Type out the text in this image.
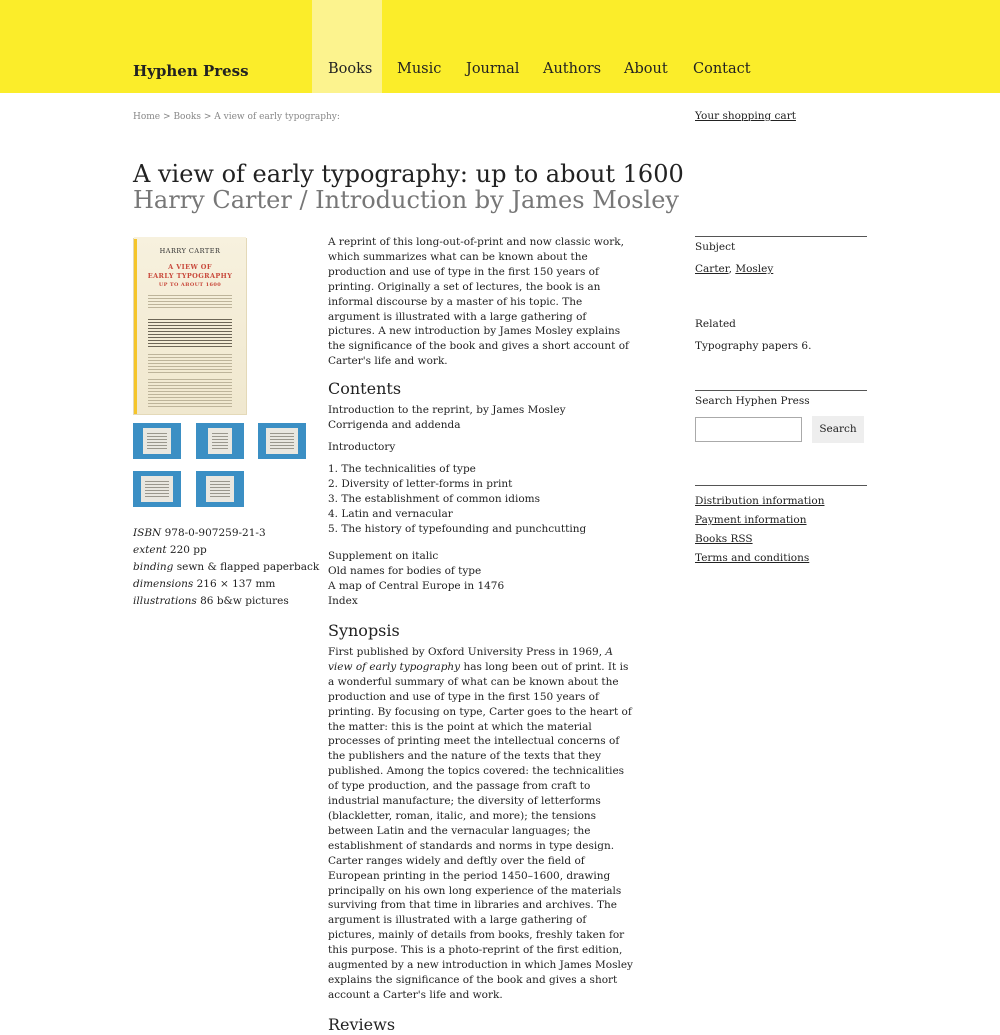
Hyphen Press	Books Music Journal Authors About Contact
Home > Books > A view of early typography:	Your shopping cart
A view of early typography: up to about 1600
Harry Carter / Introduction by James Mosley
HARRY CARTER
A VIEW OF
EARLY TYPOGRAPHY
UP TO ABOUT 1600
ISBN 978-0-907259-21-3
extent 220 pp
binding sewn & flapped paperback
dimensions 216 × 137 mm
illustrations 86 b&w pictures

A reprint of this long-out-of-print and now classic work, which summarizes what can be known about the production and use of type in the first 150 years of printing. Originally a set of lectures, the book is an informal discourse by a master of his topic. The argument is illustrated with a large gathering of pictures. A new introduction by James Mosley explains the significance of the book and gives a short account of Carter's life and work.

Contents
Introduction to the reprint, by James Mosley
Corrigenda and addenda
Introductory
1. The technicalities of type
2. Diversity of letter-forms in print
3. The establishment of common idioms
4. Latin and vernacular
5. The history of typefounding and punchcutting
Supplement on italic
Old names for bodies of type
A map of Central Europe in 1476
Index
Synopsis

First published by Oxford University Press in 1969, A view of early typography has long been out of print. It is a wonderful summary of what can be known about the production and use of type in the first 150 years of printing. By focusing on type, Carter goes to the heart of the matter: this is the point at which the material processes of printing meet the intellectual concerns of the publishers and the nature of the texts that they published. Among the topics covered: the technicalities of type production, and the passage from craft to industrial manufacture; the diversity of letterforms (blackletter, roman, italic, and more); the tensions between Latin and the vernacular languages; the establishment of standards and norms in type design. Carter ranges widely and deftly over the field of European printing in the period 1450–1600, drawing principally on his own long experience of the materials surviving from that time in libraries and archives. The argument is illustrated with a large gathering of pictures, mainly of details from books, freshly taken for this purpose. This is a photo-reprint of the first edition, augmented by a new introduction in which James Mosley explains the significance of the book and gives a short account a Carter's life and work.

Reviews
Subject
Carter, Mosley
Related
Typography papers 6.
Search Hyphen Press
Search
Distribution information
Payment information
Books RSS
Terms and conditions
